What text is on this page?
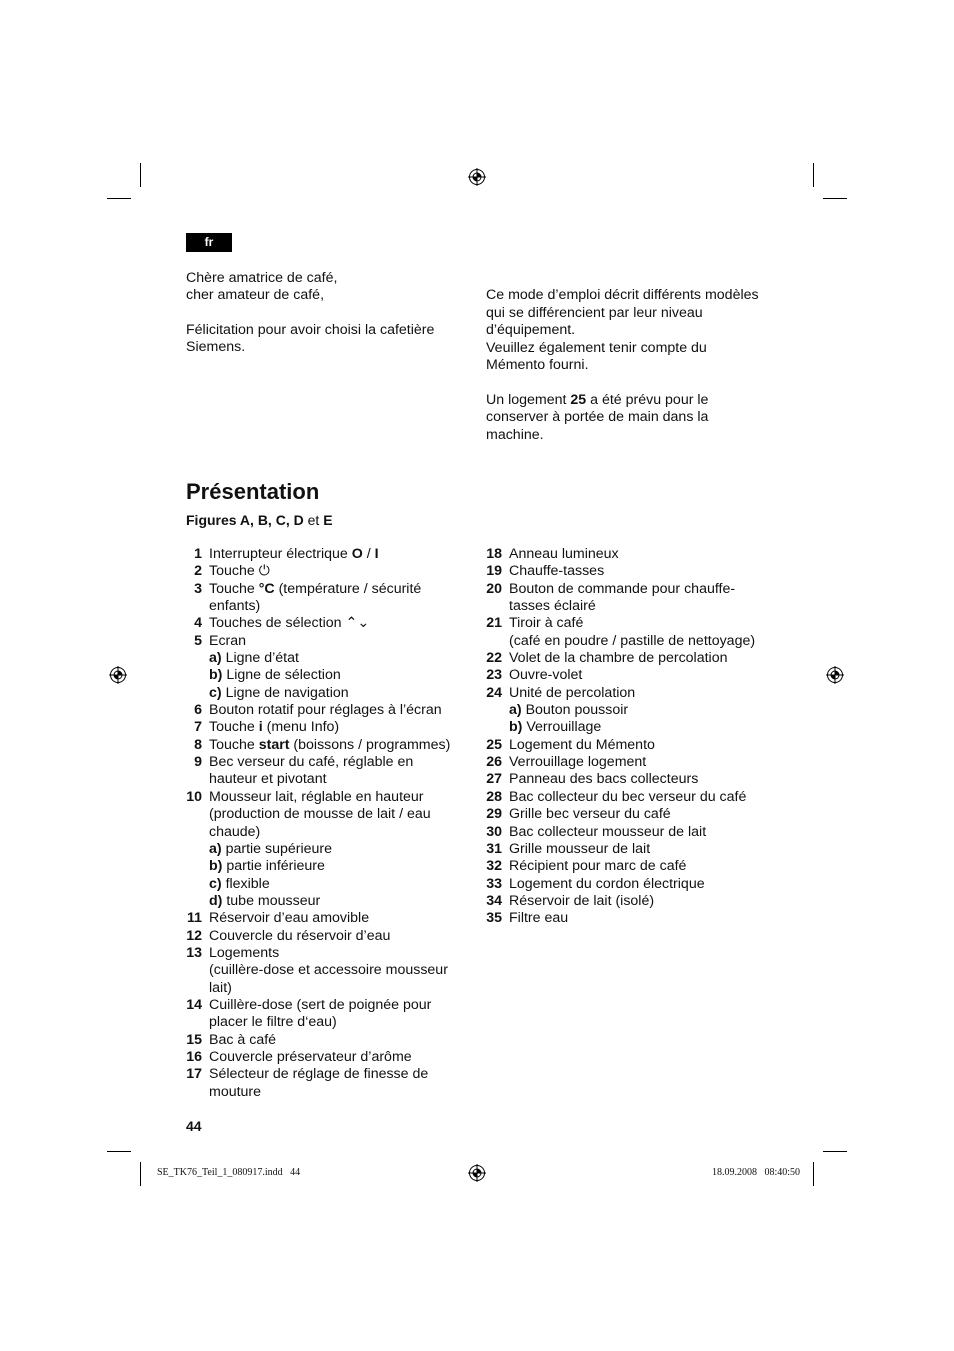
fr
Chère amatrice de café,
cher amateur de café,
Félicitation pour avoir choisi la cafetière
Siemens.

Ce mode d’emploi décrit différents modèles
qui se différencient par leur niveau
d’équipement.
Veuillez également tenir compte du
Mémento fourni.

Un logement 25 a été prévu pour le
conserver à portée de main dans la
machine.

Présentation
Figures A, B, C, D et E
1 Interrupteur électrique O / I
2 Touche ⏻
3 Touche °C (température / sécurité
enfants)
4 Touches de sélection ⌃⌄
5 Ecran
a) Ligne d’état
b) Ligne de sélection
c) Ligne de navigation
6 Bouton rotatif pour réglages à l’écran
7 Touche i (menu Info)
8 Touche start (boissons / programmes)
9 Bec verseur du café, réglable en
hauteur et pivotant
10 Mousseur lait, réglable en hauteur
(production de mousse de lait / eau
chaude)
a) partie supérieure
b) partie inférieure
c) flexible
d) tube mousseur
11 Réservoir d’eau amovible
12 Couvercle du réservoir d’eau
13 Logements
(cuillère-dose et accessoire mousseur
lait)
14 Cuillère-dose (sert de poignée pour
placer le filtre d‘eau)
15 Bac à café
16 Couvercle préservateur d’arôme
17 Sélecteur de réglage de finesse de
mouture
18 Anneau lumineux
19 Chauffe-tasses
20 Bouton de commande pour chauffe-
tasses éclairé
21 Tiroir à café
(café en poudre / pastille de nettoyage)
22 Volet de la chambre de percolation
23 Ouvre-volet
24 Unité de percolation
a) Bouton poussoir
b) Verrouillage
25 Logement du Mémento
26 Verrouillage logement
27 Panneau des bacs collecteurs
28 Bac collecteur du bec verseur du café
29 Grille bec verseur du café
30 Bac collecteur mousseur de lait
31 Grille mousseur de lait
32 Récipient pour marc de café
33 Logement du cordon électrique
34 Réservoir de lait (isolé)
35 Filtre eau
44
SE_TK76_Teil_1_080917.indd   44	18.09.2008   08:40:50
